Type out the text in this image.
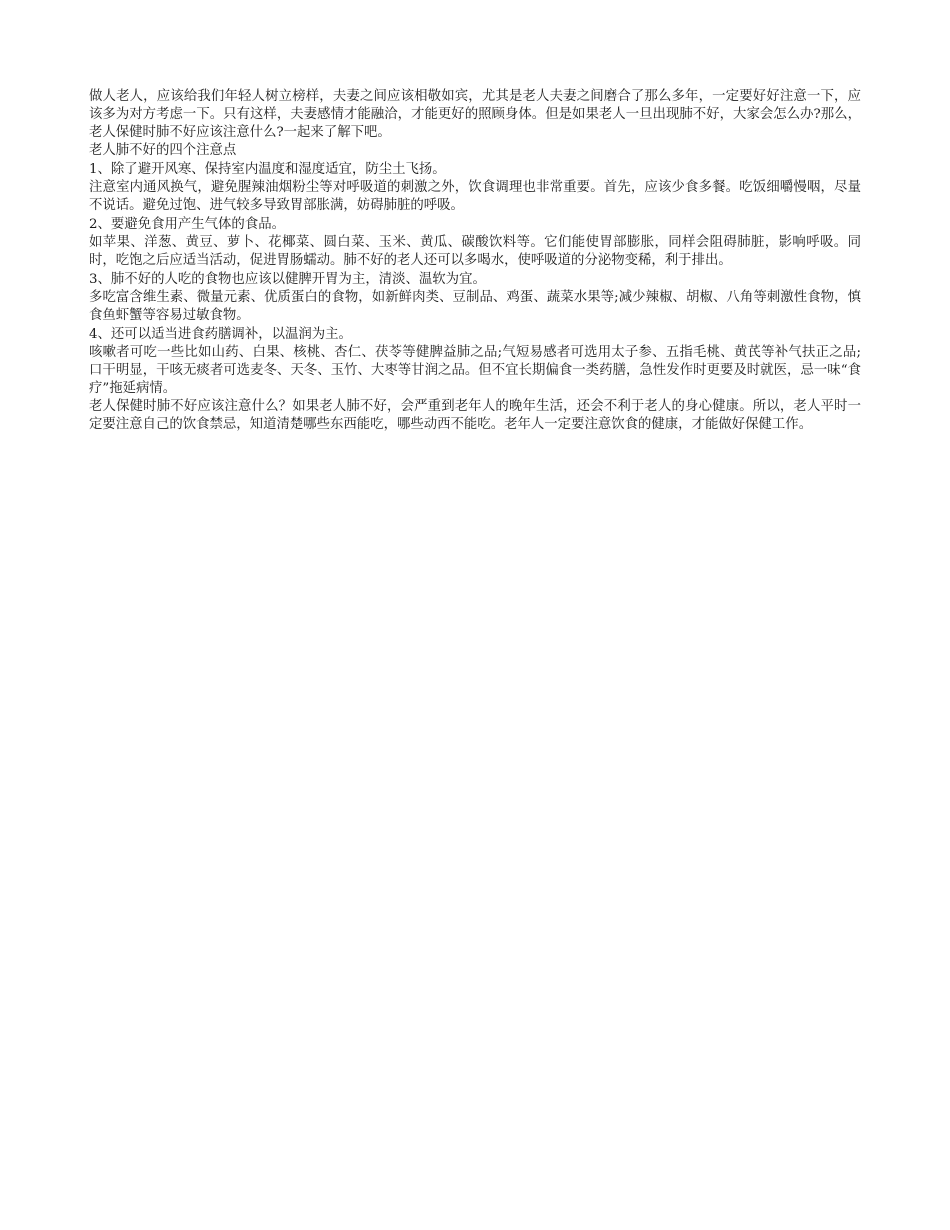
做人老人，应该给我们年轻人树立榜样，夫妻之间应该相敬如宾，尤其是老人夫妻之间磨合了那么多年，一定要好好注意一下，应该多为对方考虑一下。只有这样，夫妻感情才能融洽，才能更好的照顾身体。但是如果老人一旦出现肺不好，大家会怎么办?那么，老人保健时肺不好应该注意什么?一起来了解下吧。

老人肺不好的四个注意点

1、除了避开风寒、保持室内温度和湿度适宜，防尘土飞扬。

注意室内通风换气，避免腥辣油烟粉尘等对呼吸道的刺激之外，饮食调理也非常重要。首先，应该少食多餐。吃饭细嚼慢咽，尽量不说话。避免过饱、进气较多导致胃部胀满，妨碍肺脏的呼吸。

2、要避免食用产生气体的食品。

如苹果、洋葱、黄豆、萝卜、花椰菜、圆白菜、玉米、黄瓜、碳酸饮料等。它们能使胃部膨胀，同样会阻碍肺脏，影响呼吸。同时，吃饱之后应适当活动，促进胃肠蠕动。肺不好的老人还可以多喝水，使呼吸道的分泌物变稀，利于排出。

3、肺不好的人吃的食物也应该以健脾开胃为主，清淡、温软为宜。

多吃富含维生素、微量元素、优质蛋白的食物，如新鲜肉类、豆制品、鸡蛋、蔬菜水果等;减少辣椒、胡椒、八角等刺激性食物，慎食鱼虾蟹等容易过敏食物。

4、还可以适当进食药膳调补，以温润为主。

咳嗽者可吃一些比如山药、白果、核桃、杏仁、茯苓等健脾益肺之品;气短易感者可选用太子参、五指毛桃、黄芪等补气扶正之品;口干明显，干咳无痰者可选麦冬、天冬、玉竹、大枣等甘润之品。但不宜长期偏食一类药膳，急性发作时更要及时就医，忌一味“食疗”拖延病情。

老人保健时肺不好应该注意什么？如果老人肺不好，会严重到老年人的晚年生活，还会不利于老人的身心健康。所以，老人平时一定要注意自己的饮食禁忌，知道清楚哪些东西能吃，哪些动西不能吃。老年人一定要注意饮食的健康，才能做好保健工作。
